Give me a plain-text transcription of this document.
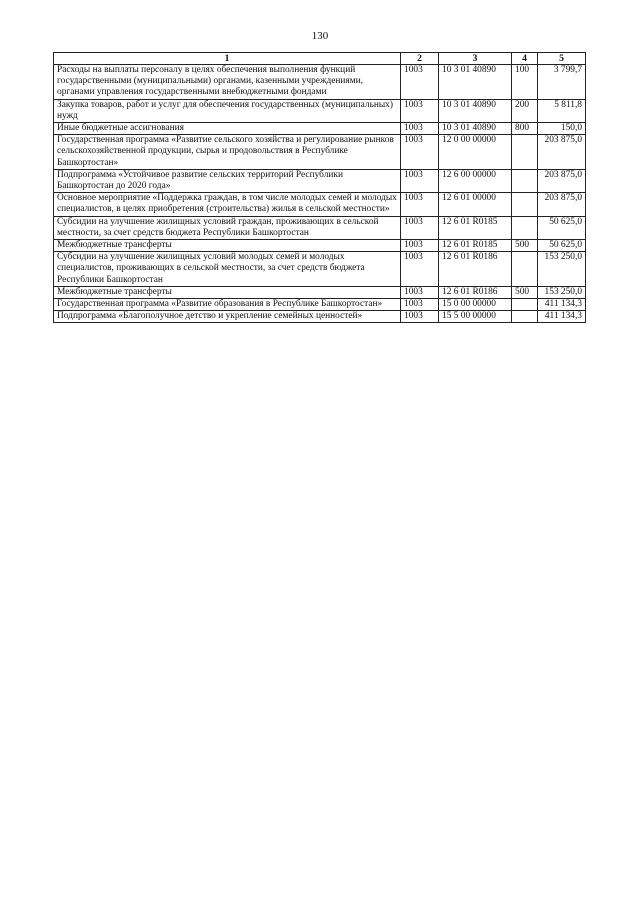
130
1	2	3	4	5
Расходы на выплаты персоналу в целях обеспечения выполнения функций государственными (муниципальными) органами, казенными учреждениями, органами управления государственными внебюджетными фондами	1003	10 3 01 40890	100	3 799,7
Закупка товаров, работ и услуг для обеспечения государственных (муниципальных) нужд	1003	10 3 01 40890	200	5 811,8
Иные бюджетные ассигнования	1003	10 3 01 40890	800	150,0
Государственная программа «Развитие сельского хозяйства и регулирование рынков сельскохозяйственной продукции, сырья и продовольствия в Республике Башкортостан»	1003	12 0 00 00000		203 875,0
Подпрограмма «Устойчивое развитие сельских территорий Республики Башкортостан до 2020 года»	1003	12 6 00 00000		203 875,0
Основное мероприятие «Поддержка граждан, в том числе молодых семей и молодых специалистов, в целях приобретения (строительства) жилья в сельской местности»	1003	12 6 01 00000		203 875,0
Субсидии на улучшение жилищных условий граждан, проживающих в сельской местности, за счет средств бюджета Республики Башкортостан	1003	12 6 01 R0185		50 625,0
Межбюджетные трансферты	1003	12 6 01 R0185	500	50 625,0
Субсидии на улучшение жилищных условий молодых семей и молодых специалистов, проживающих в сельской местности, за счет средств бюджета Республики Башкортостан	1003	12 6 01 R0186		153 250,0
Межбюджетные трансферты	1003	12 6 01 R0186	500	153 250,0
Государственная программа «Развитие образования в Республике Башкортостан»	1003	15 0 00 00000		411 134,3
Подпрограмма «Благополучное детство и укрепление семейных ценностей»	1003	15 5 00 00000		411 134,3
